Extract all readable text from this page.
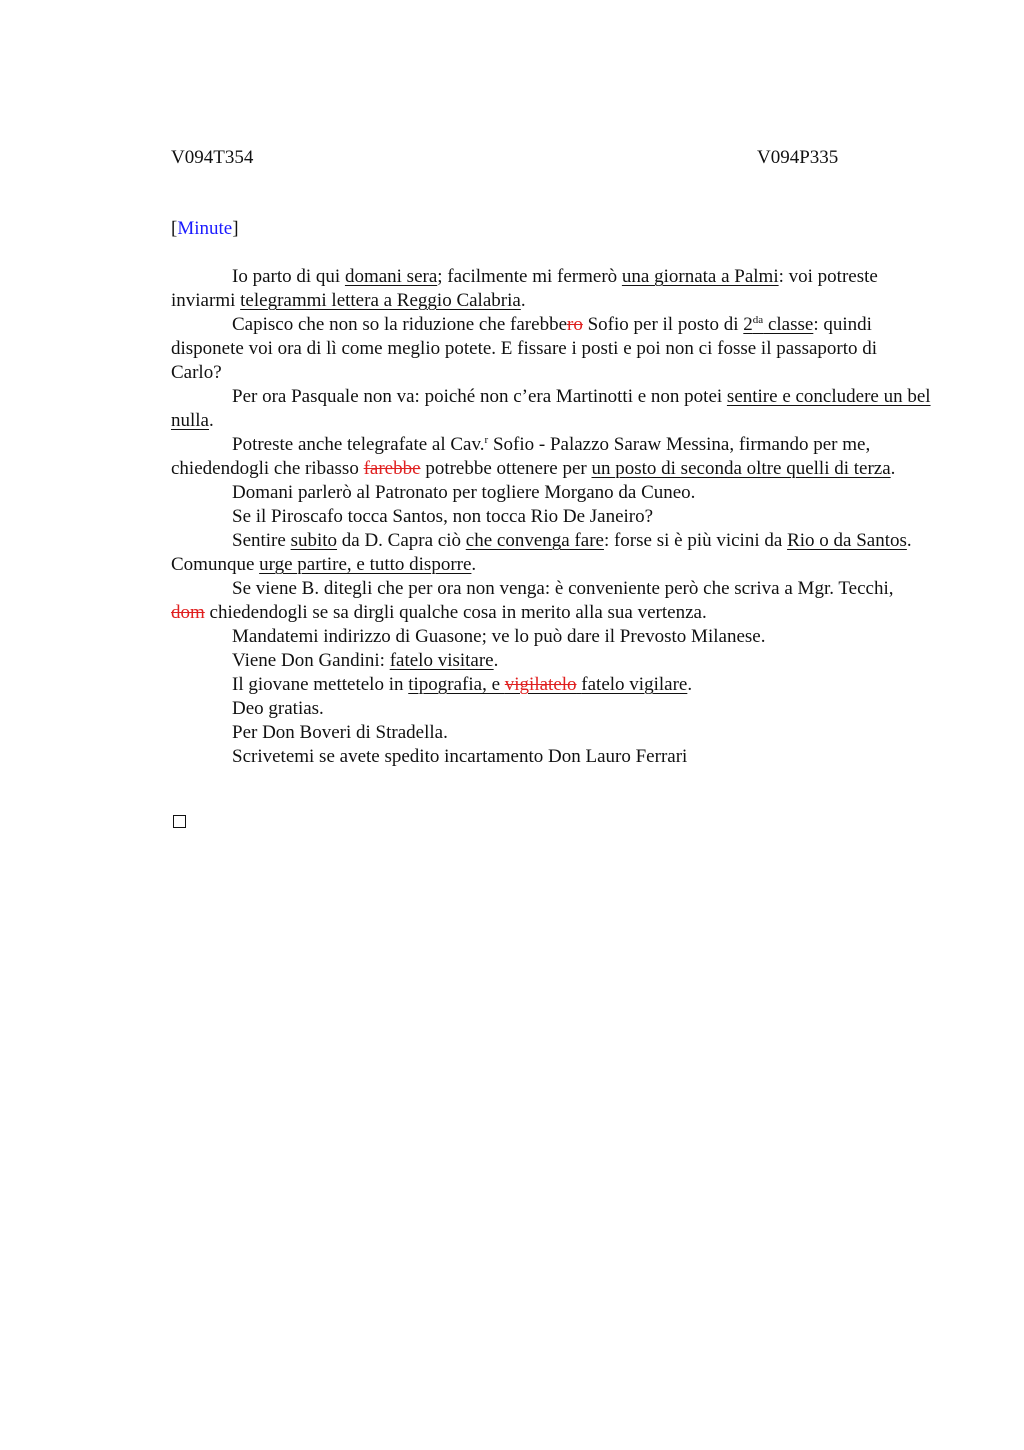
V094T354	V094P335
[Minute]

Io parto di qui domani sera; facilmente mi fermerò una giornata a Palmi: voi potreste inviarmi telegrammi lettera a Reggio Calabria.

Capisco che non so la riduzione che farebbero Sofio per il posto di $2^{da}$ classe: quindi disponete voi ora di lì come meglio potete. E fissare i posti e poi non ci fosse il passaporto di Carlo?

Per ora Pasquale non va: poiché non c’era Martinotti e non potei sentire e concludere un bel nulla.

Potreste anche telegrafate al Cav.$^r$ Sofio - Palazzo Saraw Messina, firmando per me, chiedendogli che ribasso farebbe potrebbe ottenere per un posto di seconda oltre quelli di terza.

Domani parlerò al Patronato per togliere Morgano da Cuneo.

Se il Piroscafo tocca Santos, non tocca Rio De Janeiro?

Sentire subito da D. Capra ciò che convenga fare: forse si è più vicini da Rio o da Santos. Comunque urge partire, e tutto disporre.

Se viene B. ditegli che per ora non venga: è conveniente però che scriva a Mgr. Tecchi, dom chiedendogli se sa dirgli qualche cosa in merito alla sua vertenza.

Mandatemi indirizzo di Guasone; ve lo può dare il Prevosto Milanese.

Viene Don Gandini: fatelo visitare.

Il giovane mettetelo in tipografia, e vigilatelo fatelo vigilare.

Deo gratias.

Per Don Boveri di Stradella.

Scrivetemi se avete spedito incartamento Don Lauro Ferrari
